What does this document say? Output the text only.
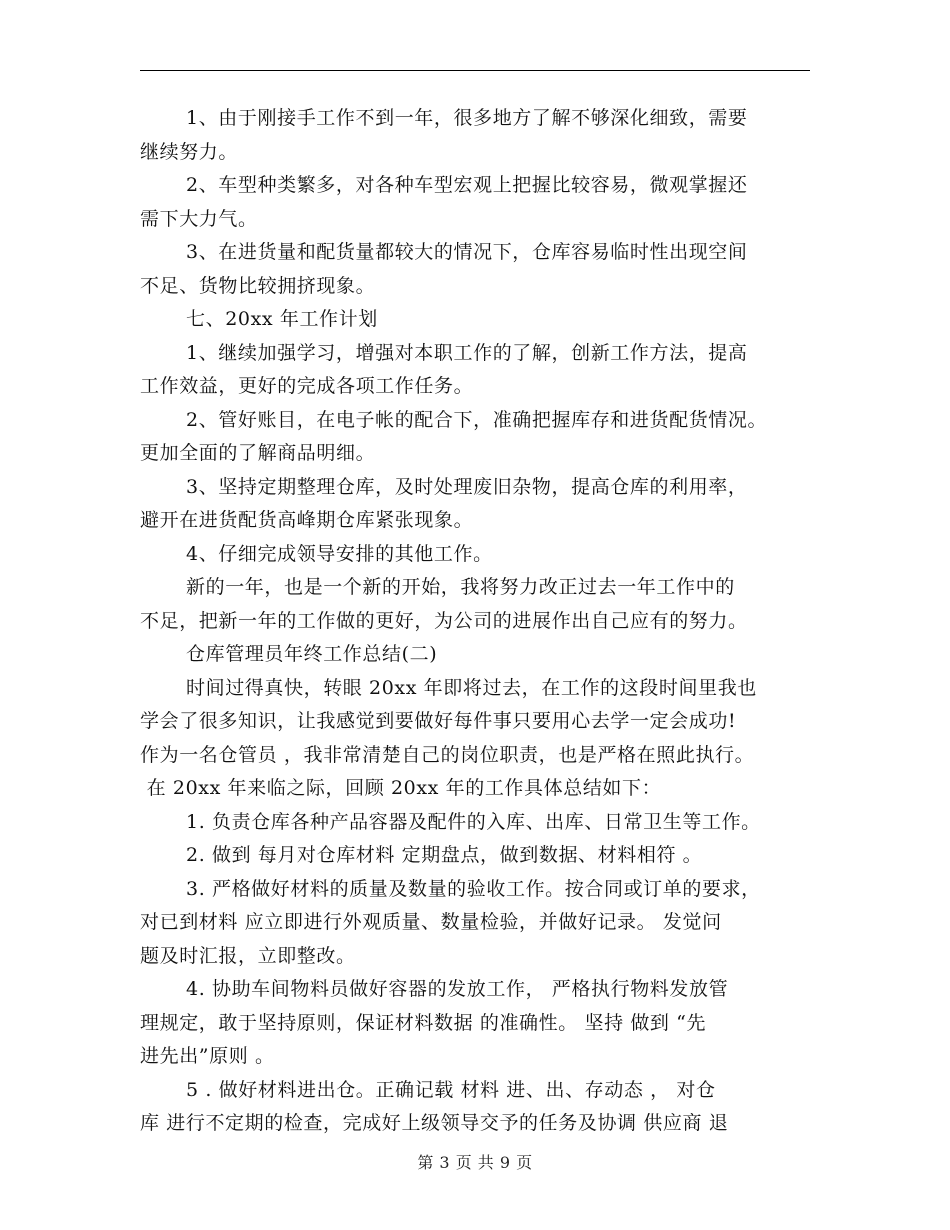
1、由于刚接手工作不到一年，很多地方了解不够深化细致，需要
继续努力。
2、车型种类繁多，对各种车型宏观上把握比较容易，微观掌握还
需下大力气。
3、在进货量和配货量都较大的情况下，仓库容易临时性出现空间
不足、货物比较拥挤现象。
七、20xx 年工作计划
1、继续加强学习，增强对本职工作的了解，创新工作方法，提高
工作效益，更好的完成各项工作任务。
2、管好账目，在电子帐的配合下，准确把握库存和进货配货情况。
更加全面的了解商品明细。
3、坚持定期整理仓库，及时处理废旧杂物，提高仓库的利用率，
避开在进货配货高峰期仓库紧张现象。
4、仔细完成领导安排的其他工作。
新的一年，也是一个新的开始，我将努力改正过去一年工作中的
不足，把新一年的工作做的更好，为公司的进展作出自己应有的努力。
仓库管理员年终工作总结(二)
时间过得真快，转眼 20xx 年即将过去，在工作的这段时间里我也
学会了很多知识，让我感觉到要做好每件事只要用心去学一定会成功!
作为一名仓管员 ，我非常清楚自己的岗位职责，也是严格在照此执行。
在 20xx 年来临之际，回顾 20xx 年的工作具体总结如下：
1. 负责仓库各种产品容器及配件的入库、出库、日常卫生等工作。
2. 做到 每月对仓库材料 定期盘点，做到数据、材料相符 。
3. 严格做好材料的质量及数量的验收工作。按合同或订单的要求，
对已到材料 应立即进行外观质量、数量检验，并做好记录。 发觉问
题及时汇报，立即整改。
4. 协助车间物料员做好容器的发放工作， 严格执行物料发放管
理规定，敢于坚持原则，保证材料数据 的准确性。 坚持 做到 “先
进先出”原则 。
5 . 做好材料进出仓。正确记载 材料 进、出、存动态 ， 对仓
库 进行不定期的检查，完成好上级领导交予的任务及协调 供应商 退
第 3 页 共 9 页
